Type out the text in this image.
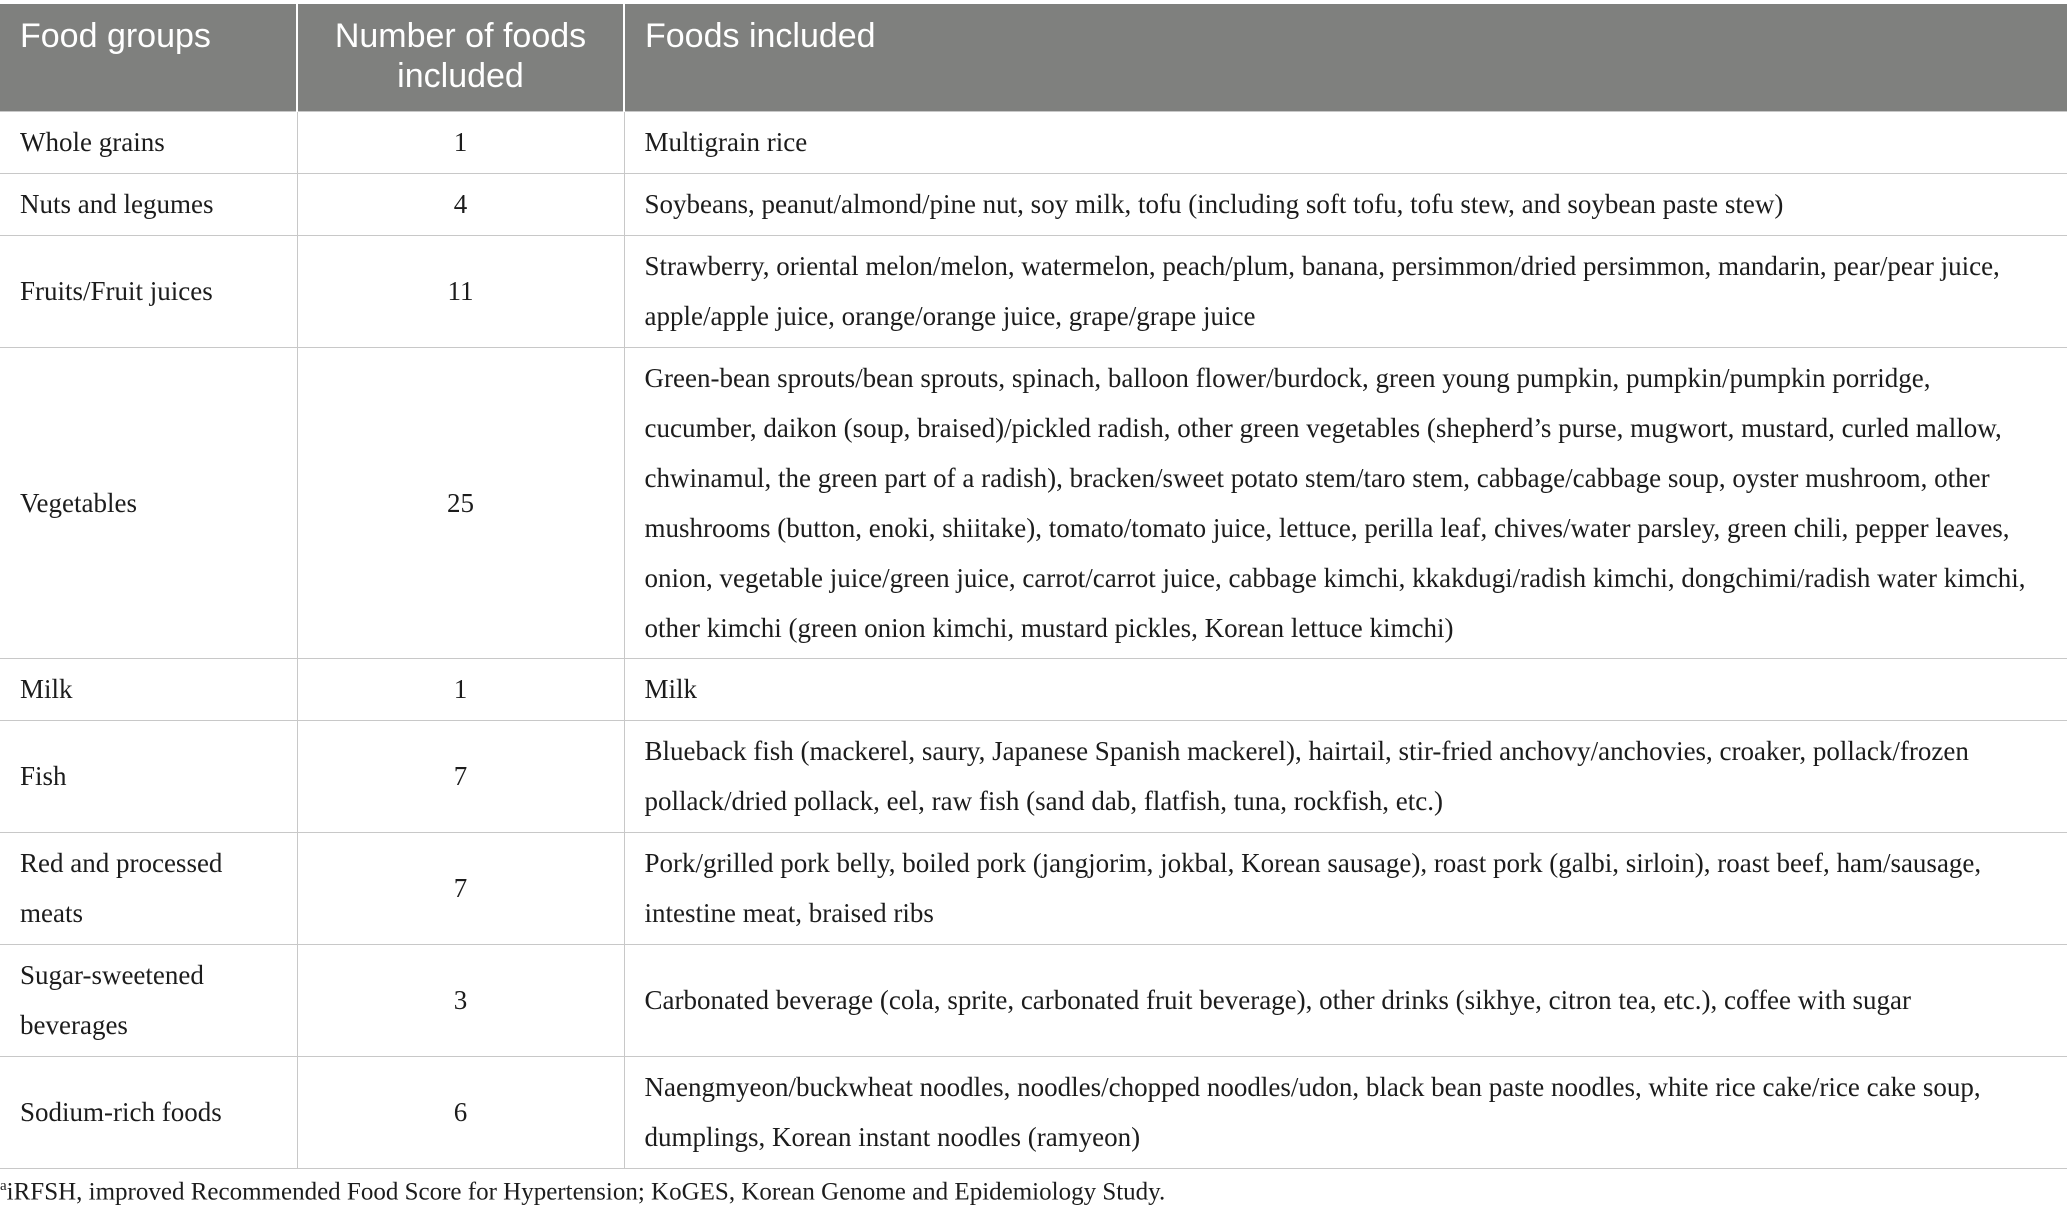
Food groups	Number of foods included	Foods included
Whole grains	1	Multigrain rice
Nuts and legumes	4	Soybeans, peanut/almond/pine nut, soy milk, tofu (including soft tofu, tofu stew, and soybean paste stew)
Fruits/Fruit juices	11	Strawberry, oriental melon/melon, watermelon, peach/plum, banana, persimmon/dried persimmon, mandarin, pear/pear juice, apple/apple juice, orange/orange juice, grape/grape juice
Vegetables	25	Green-bean sprouts/bean sprouts, spinach, balloon flower/burdock, green young pumpkin, pumpkin/pumpkin porridge, cucumber, daikon (soup, braised)/pickled radish, other green vegetables (shepherd’s purse, mugwort, mustard, curled mallow, chwinamul, the green part of a radish), bracken/sweet potato stem/taro stem, cabbage/cabbage soup, oyster mushroom, other mushrooms (button, enoki, shiitake), tomato/tomato juice, lettuce, perilla leaf, chives/water parsley, green chili, pepper leaves, onion, vegetable juice/green juice, carrot/carrot juice, cabbage kimchi, kkakdugi/radish kimchi, dongchimi/radish water kimchi, other kimchi (green onion kimchi, mustard pickles, Korean lettuce kimchi)
Milk	1	Milk
Fish	7	Blueback fish (mackerel, saury, Japanese Spanish mackerel), hairtail, stir-fried anchovy/anchovies, croaker, pollack/frozen pollack/dried pollack, eel, raw fish (sand dab, flatfish, tuna, rockfish, etc.)
Red and processed meats	7	Pork/grilled pork belly, boiled pork (jangjorim, jokbal, Korean sausage), roast pork (galbi, sirloin), roast beef, ham/sausage, intestine meat, braised ribs
Sugar-sweetened beverages	3	Carbonated beverage (cola, sprite, carbonated fruit beverage), other drinks (sikhye, citron tea, etc.), coffee with sugar
Sodium-rich foods	6	Naengmyeon/buckwheat noodles, noodles/chopped noodles/udon, black bean paste noodles, white rice cake/rice cake soup, dumplings, Korean instant noodles (ramyeon)
$^a$iRFSH, improved Recommended Food Score for Hypertension; KoGES, Korean Genome and Epidemiology Study.
